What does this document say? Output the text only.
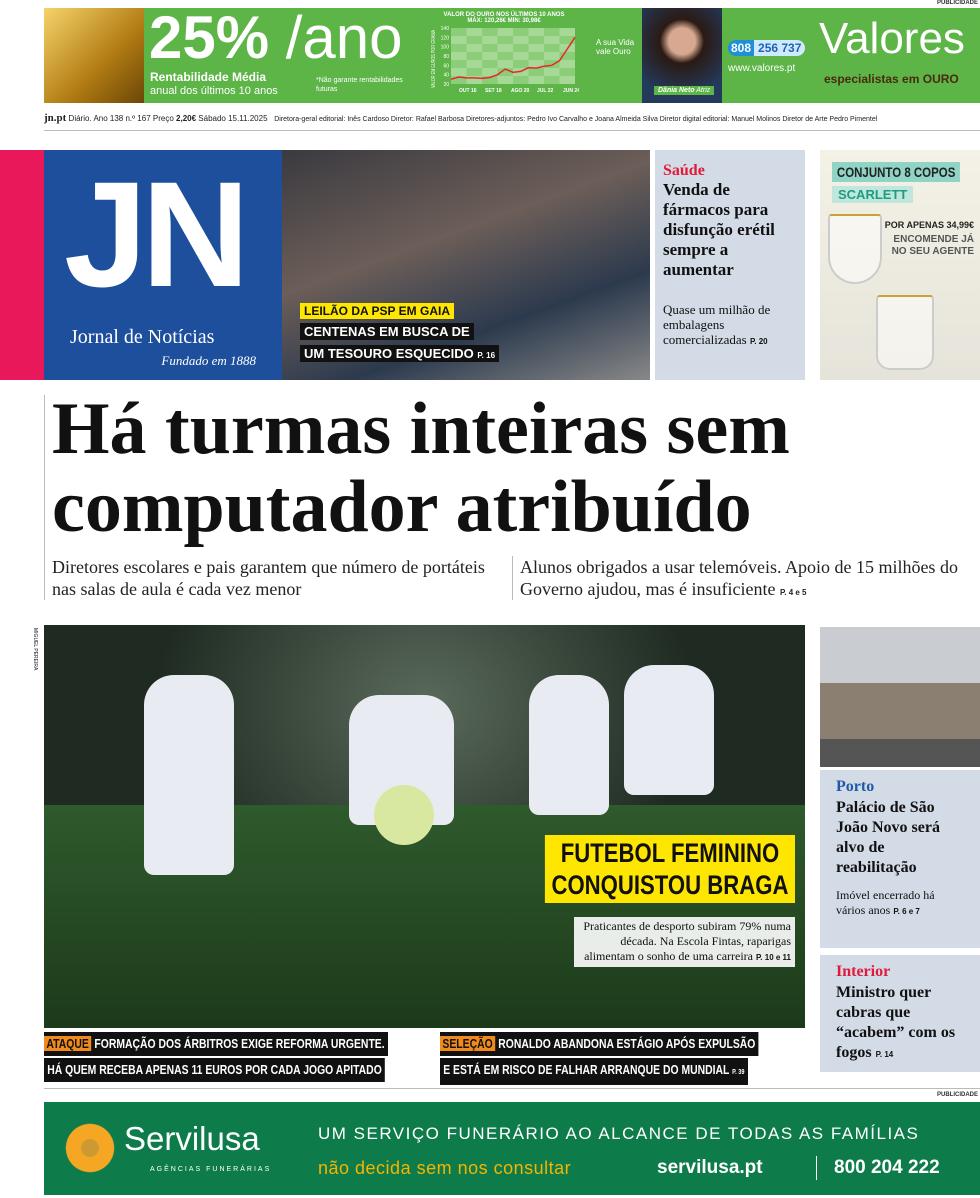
PUBLICIDADE
25% /ano
Rentabilidade Média
anual dos últimos 10 anos
*Não garante rentabilidades futuras
VALOR DO OURO NOS ÚLTIMOS 10 ANOS
MÁX: 120,26€ MIN: 30,98€
140
120
100
80
60
40
20
OUT 16 SET 18 AGO 20 JUL 22 JUN 24
VALOR EM EUROS POR GRAMA	A sua Vida vale Ouro
Dânia Neto Atriz
808 256 737
www.valores.pt
Valores
especialistas em OURO
jn.pt Diário. Ano 138 n.º 167 Preço 2,20€ Sábado 15.11.2025 Diretora-geral editorial: Inês Cardoso Diretor: Rafael Barbosa Diretores-adjuntos: Pedro Ivo Carvalho e Joana Almeida Silva Diretor digital editorial: Manuel Molinos Diretor de Arte Pedro Pimentel
JN
Jornal de Notícias
Fundado em 1888
LEILÃO DA PSP EM GAIA
CENTENAS EM BUSCA DE
UM TESOURO ESQUECIDO P. 16
Saúde
Venda de fármacos para disfunção erétil sempre a aumentar
Quase um milhão de embalagens comercializadas P. 20
CONJUNTO 8 COPOS
SCARLETT
POR APENAS 34,99€
ENCOMENDE JÁ NO SEU AGENTE
Há turmas inteiras sem
computador atribuído
Diretores escolares e pais garantem que número de portáteis nas salas de aula é cada vez menor
Alunos obrigados a usar telemóveis. Apoio de 15 milhões do Governo ajudou, mas é insuficiente P. 4 e 5
MIGUEL PEREIRA
FUTEBOL FEMININO
CONQUISTOU BRAGA
Praticantes de desporto subiram 79% numa década. Na Escola Fintas, raparigas alimentam o sonho de uma carreira P. 10 e 11
Porto
Palácio de São João Novo será alvo de reabilitação

Imóvel encerrado há vários anos P. 6 e 7

Interior
Ministro quer cabras que “acabem” com os fogos P. 14
ATAQUE FORMAÇÃO DOS ÁRBITROS EXIGE REFORMA URGENTE.
HÁ QUEM RECEBA APENAS 11 EUROS POR CADA JOGO APITADO
SELEÇÃO RONALDO ABANDONA ESTÁGIO APÓS EXPULSÃO
E ESTÁ EM RISCO DE FALHAR ARRANQUE DO MUNDIAL P. 39
PUBLICIDADE
Servilusa
AGÊNCIAS FUNERÁRIAS
UM SERVIÇO FUNERÁRIO AO ALCANCE DE TODAS AS FAMÍLIAS
não decida sem nos consultar	servilusa.pt	800 204 222
